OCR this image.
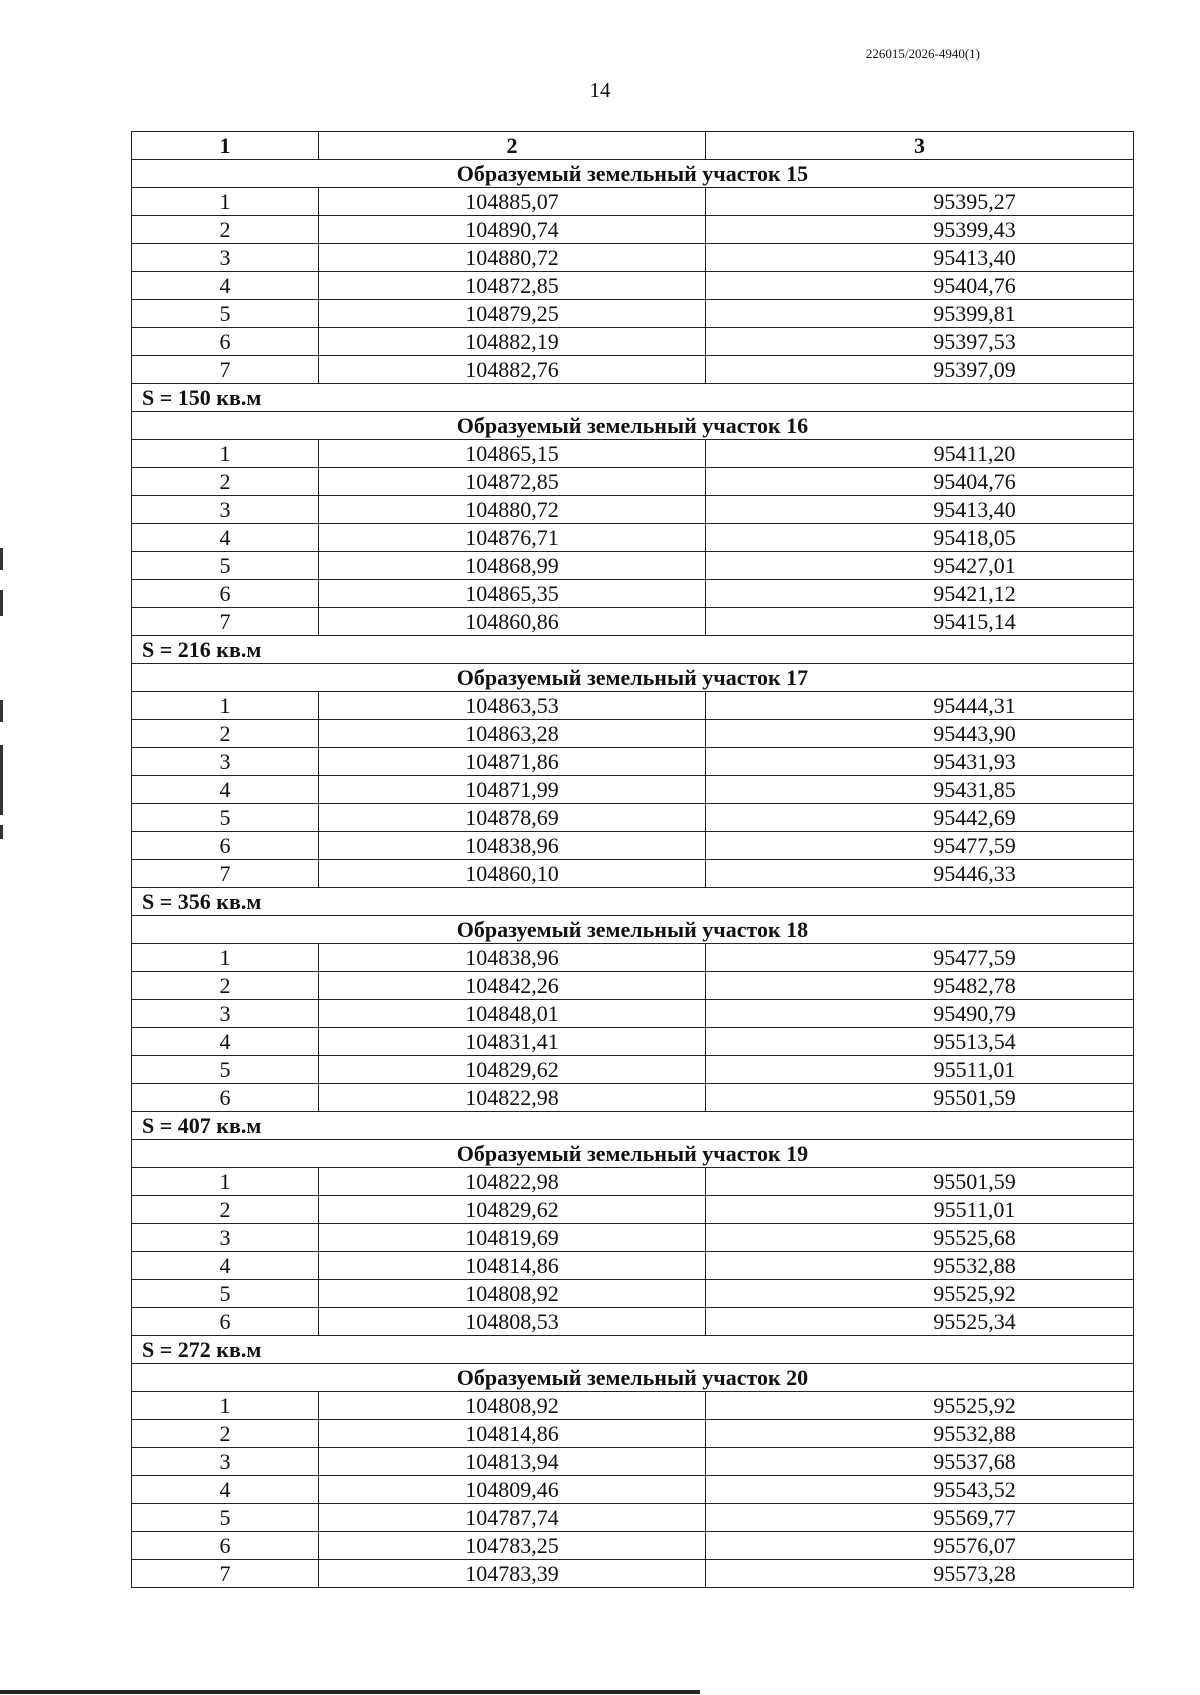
226015/2026-4940(1)
14
1	2	3
Образуемый земельный участок 15		
1	104885,07	95395,27
2	104890,74	95399,43
3	104880,72	95413,40
4	104872,85	95404,76
5	104879,25	95399,81
6	104882,19	95397,53
7	104882,76	95397,09
S = 150 кв.м		
Образуемый земельный участок 16		
1	104865,15	95411,20
2	104872,85	95404,76
3	104880,72	95413,40
4	104876,71	95418,05
5	104868,99	95427,01
6	104865,35	95421,12
7	104860,86	95415,14
S = 216 кв.м		
Образуемый земельный участок 17		
1	104863,53	95444,31
2	104863,28	95443,90
3	104871,86	95431,93
4	104871,99	95431,85
5	104878,69	95442,69
6	104838,96	95477,59
7	104860,10	95446,33
S = 356 кв.м		
Образуемый земельный участок 18		
1	104838,96	95477,59
2	104842,26	95482,78
3	104848,01	95490,79
4	104831,41	95513,54
5	104829,62	95511,01
6	104822,98	95501,59
S = 407 кв.м		
Образуемый земельный участок 19		
1	104822,98	95501,59
2	104829,62	95511,01
3	104819,69	95525,68
4	104814,86	95532,88
5	104808,92	95525,92
6	104808,53	95525,34
S = 272 кв.м		
Образуемый земельный участок 20		
1	104808,92	95525,92
2	104814,86	95532,88
3	104813,94	95537,68
4	104809,46	95543,52
5	104787,74	95569,77
6	104783,25	95576,07
7	104783,39	95573,28
